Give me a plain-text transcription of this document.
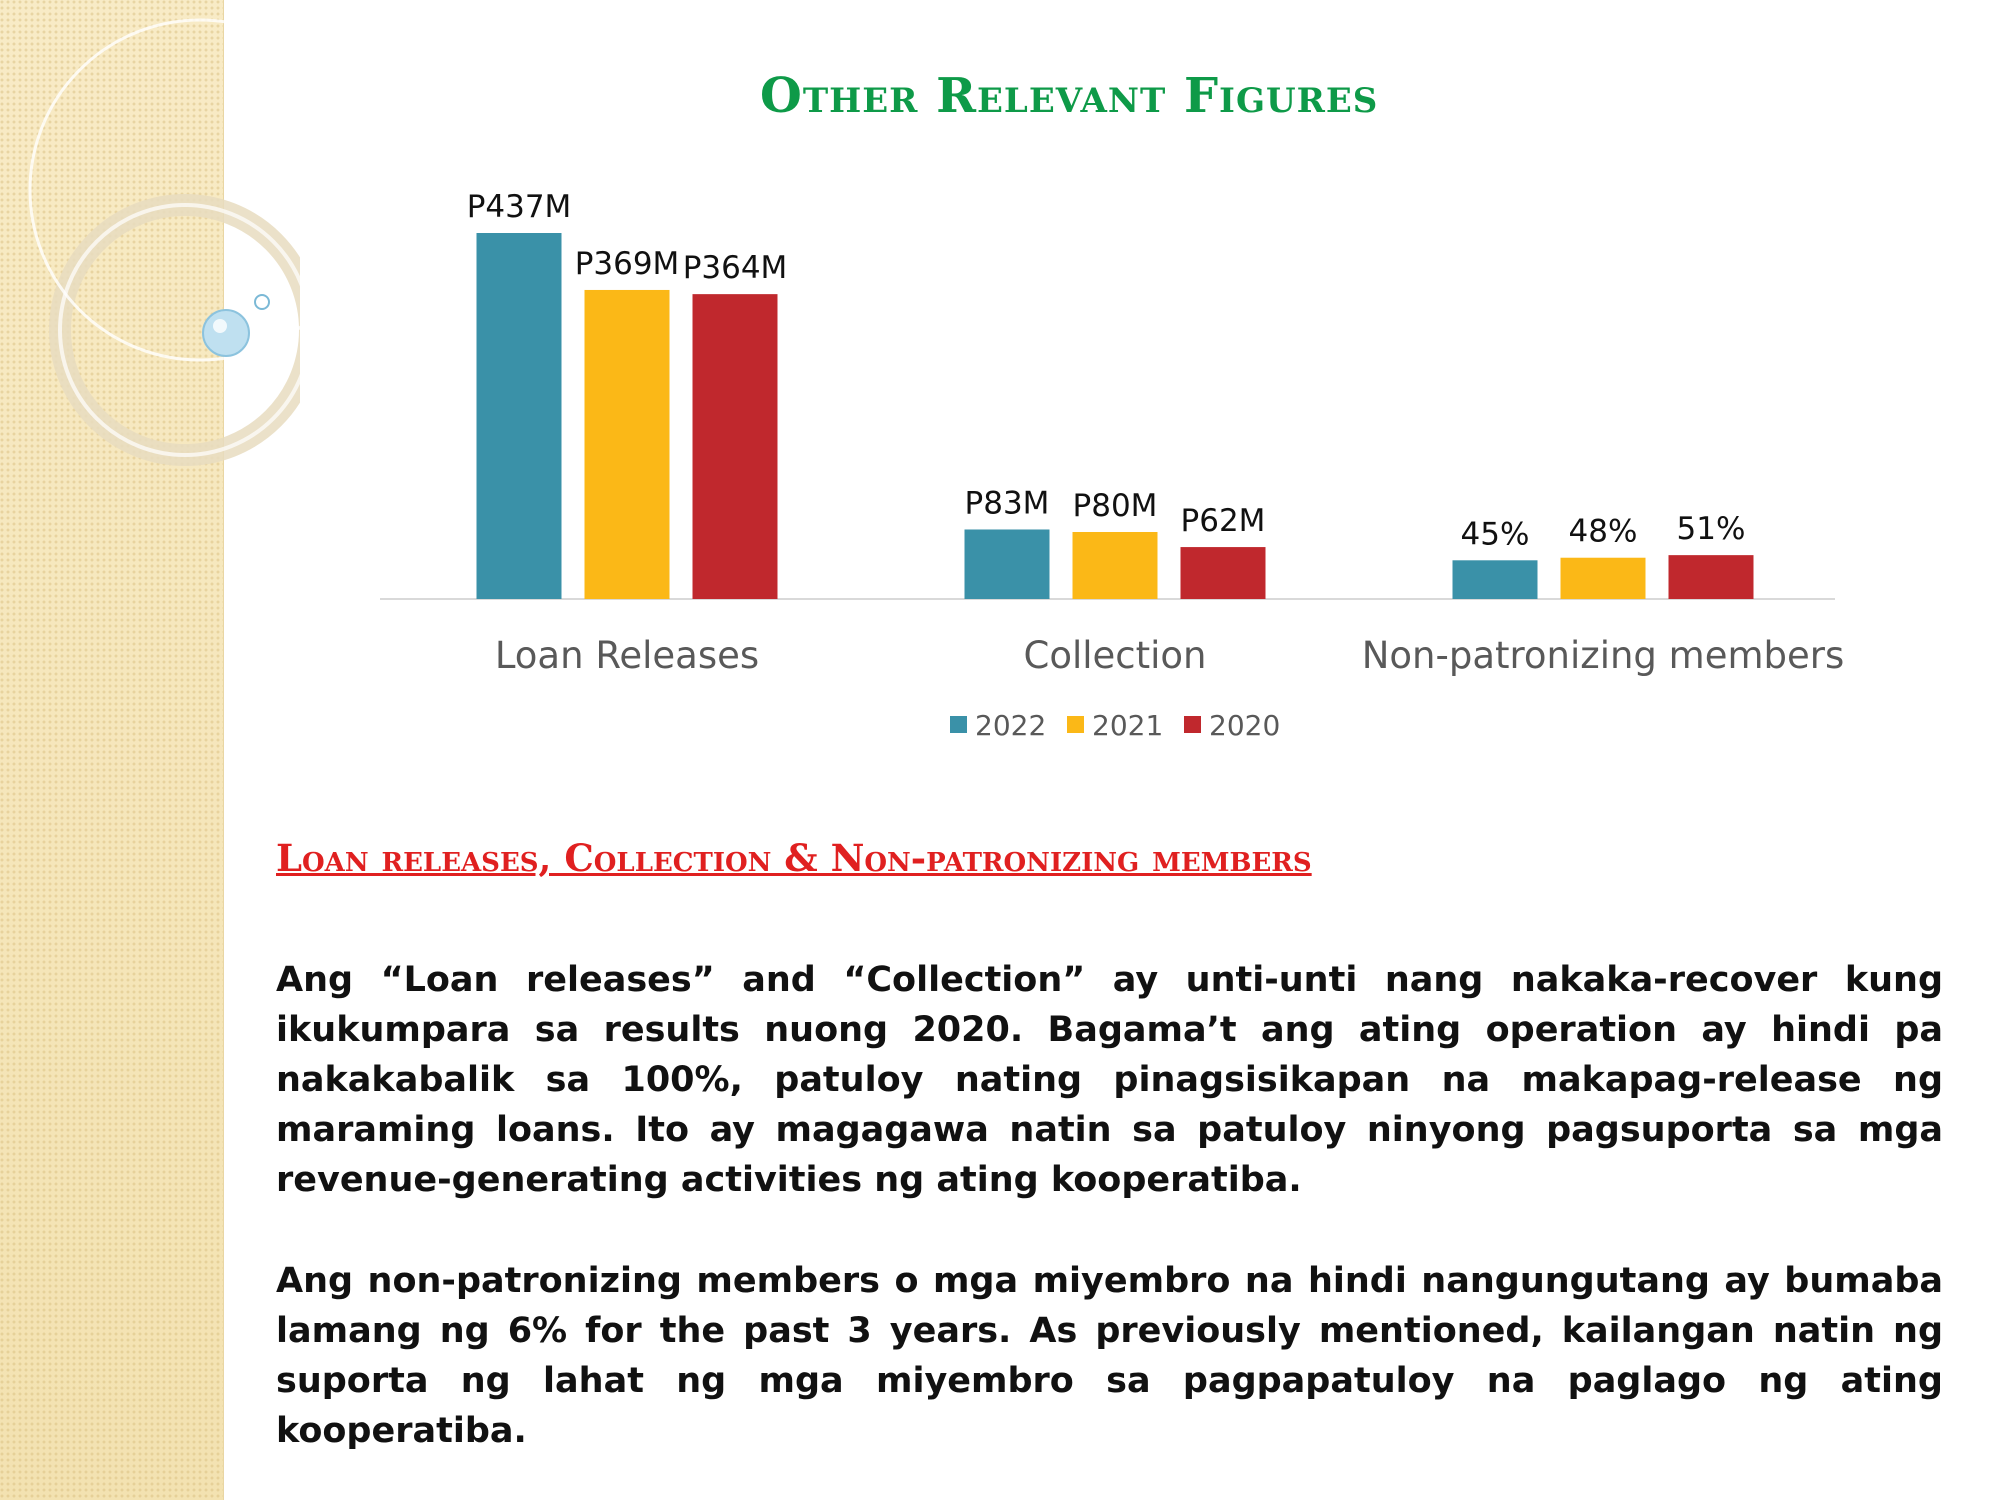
Other Relevant Figures
P437M
P369M P364M
P83M P80M P62M	45% 48% 51%
Loan Releases	Collection	Non-patronizing members
2022 2021 2020
Loan releases, Collection & Non-patronizing members
Ang “Loan releases” and “Collection” ay unti-unti nang nakaka-recover kung ikukumpara sa results nuong 2020. Bagama’t ang ating operation ay hindi pa nakakabalik sa 100%, patuloy nating pinagsisikapan na makapag-release ng maraming loans. Ito ay magagawa natin sa patuloy ninyong pagsuporta sa mga revenue-generating activities ng ating kooperatiba.
Ang non-patronizing members o mga miyembro na hindi nangungutang ay bumaba lamang ng 6% for the past 3 years. As previously mentioned, kailangan natin ng suporta ng lahat ng mga miyembro sa pagpapatuloy na paglago ng ating kooperatiba.
